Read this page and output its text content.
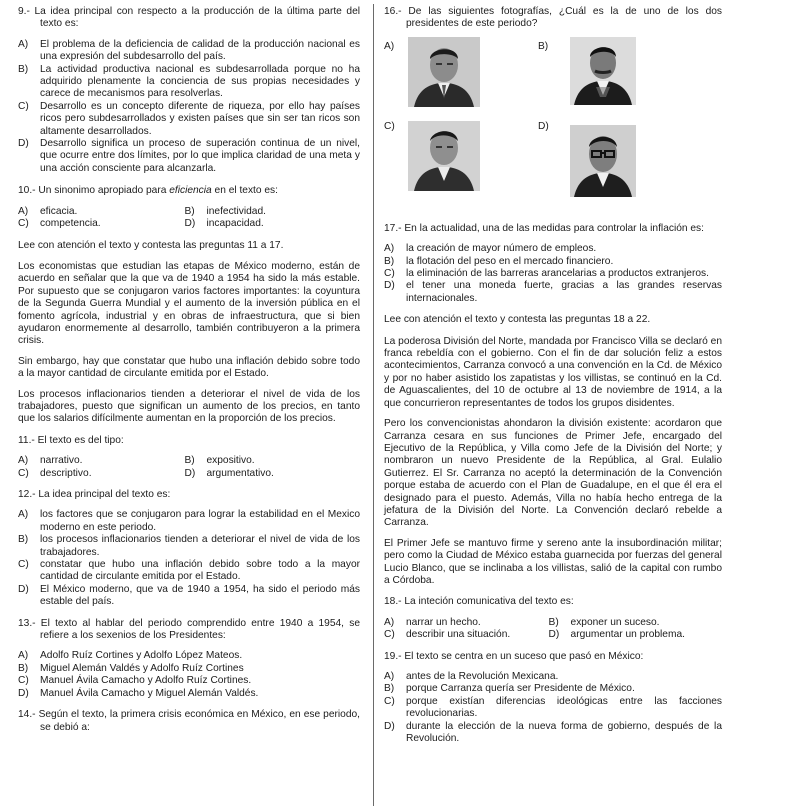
9.- La idea principal con respecto a la producción de la última parte del texto es:

A) El problema de la deficiencia de calidad de la producción nacional es una expresión del subdesarrollo del país.

B) La actividad productiva nacional es subdesarrollada porque no ha adquirido plenamente la conciencia de sus propias necesidades y carece de mecanismos para resolverlas.

C) Desarrollo es un concepto diferente de riqueza, por ello hay países ricos pero subdesarrollados y existen países que sin ser tan ricos son altamente desarrollados.

D) Desarrollo significa un proceso de superación continua de un nivel, que ocurre entre dos límites, por lo que implica claridad de una meta y una acción consciente para alcanzarla.

10.- Un sinonimo apropiado para eficiencia en el texto es:

A) eficacia.	B) inefectividad.
C) competencia.	D) incapacidad.

Lee con atención el texto y contesta las preguntas 11 a 17.

Los economistas que estudian las etapas de México moderno, están de acuerdo en señalar que la que va de 1940 a 1954 ha sido la más estable. Por supuesto que se conjugaron varios factores importantes: la coyuntura de la Segunda Guerra Mundial y el aumento de la inversión pública en el fomento agrícola, industrial y en obras de infraestructura, que si bien ayudaron enormemente al desarrollo, también contribuyeron a la primera crisis.

Sin embargo, hay que constatar que hubo una inflación debido sobre todo a la mayor cantidad de circulante emitida por el Estado.

Los procesos inflacionarios tienden a deteriorar el nivel de vida de los trabajadores, puesto que significan un aumento de los precios, en tanto que los salarios difícilmente aumentan en la proporción de los precios.

11.- El texto es del tipo:

A) narrativo.	B) expositivo.
C) descriptivo.	D) argumentativo.

12.- La idea principal del texto es:

A) los factores que se conjugaron para lograr la estabilidad en el Mexico moderno en este periodo.

B) los procesos inflacionarios tienden a deteriorar el nivel de vida de los trabajadores.

C) constatar que hubo una inflación debido sobre todo a la mayor cantidad de circulante emitida por el Estado.

D) El México moderno, que va de 1940 a 1954, ha sido el periodo más estable del país.

13.- El texto al hablar del periodo comprendido entre 1940 a 1954, se refiere a los sexenios de los Presidentes:

A) Adolfo Ruíz Cortines y Adolfo López Mateos.

B) Miguel Alemán Valdés y Adolfo Ruíz Cortines

C) Manuel Ávila Camacho y Adolfo Ruíz Cortines.

D) Manuel Ávila Camacho y Miguel Alemán Valdés.

14.- Según el texto, la primera crisis económica en México, en ese periodo, se debió a:

16.- De las siguientes fotografías, ¿Cuál es la de uno de los dos presidentes de este periodo?

A)	B)
C)	D)

17.- En la actualidad, una de las medidas para controlar la inflación es:

A) la creación de mayor número de empleos.

B) la flotación del peso en el mercado financiero.

C) la eliminación de las barreras arancelarias a productos extranjeros.

D) el tener una moneda fuerte, gracias a las grandes reservas internacionales.

Lee con atención el texto y contesta las preguntas 18 a 22.

La poderosa División del Norte, mandada por Francisco Villa se declaró en franca rebeldía con el gobierno. Con el fin de dar solución feliz a estos acontecimientos, Carranza convocó a una convención en la Cd. de México y por no haber asistido los zapatistas y los villistas, se continuó en la Cd. de Aguascalientes, del 10 de octubre al 13 de noviembre de 1914, a la que concurrieron representantes de todos los grupos disidentes.

Pero los convencionistas ahondaron la división existente: acordaron que Carranza cesara en sus funciones de Primer Jefe, encargado del Ejecutivo de la República, y Villa como Jefe de la División del Norte; y nombraron un nuevo Presidente de la República, al Gral. Eulalio Gutierrez. El Sr. Carranza no aceptó la determinación de la Convención porque estaba de acuerdo con el Plan de Guadalupe, en el que él era el designado para el puesto. Además, Villa no había hecho entrega de la jefatura de la División del Norte. La Convención declaró rebelde a Carranza.

El Primer Jefe se mantuvo firme y sereno ante la insubordinación militar; pero como la Ciudad de México estaba guarnecida por fuerzas del general Lucio Blanco, que se inclinaba a los villistas, salió de la capital con rumbo a Córdoba.

18.- La inteción comunicativa del texto es:

A) narrar un hecho.	B) exponer un suceso.
C) describir una situación.	D) argumentar un problema.

19.- El texto se centra en un suceso que pasó en México:

A) antes de la Revolución Mexicana.

B) porque Carranza quería ser Presidente de México.

C) porque existían diferencias ideológicas entre las facciones revolucionarias.

D) durante la elección de la nueva forma de gobierno, después de la Revolución.
